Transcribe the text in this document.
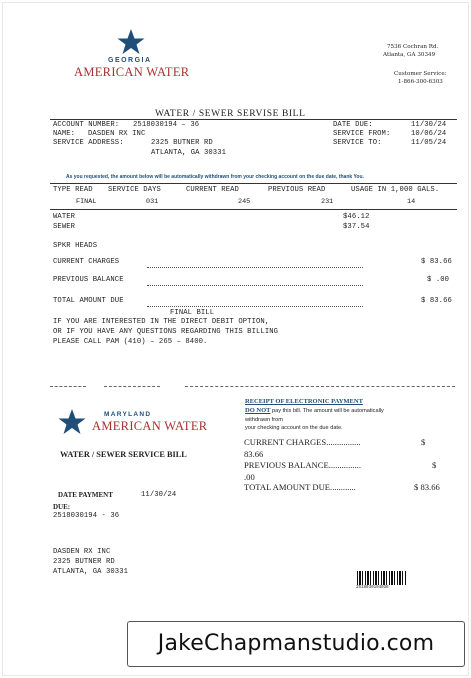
GEORGIA
AMERICAN WATER
7536 Cochran Rd.
Atlanta, GA 30349
Customer Service:
1-866-300-6303
WATER / SEWER SERVISE BILL
ACCOUNT NUMBER: 2518030194 – 36
NAME: DASDEN RX INC
SERVICE ADDRESS:	2325 BUTNER RD
ATLANTA, GA 30331
DATE DUE:	11/30/24
SERVICE FROM:	10/06/24
SERVICE TO:	11/05/24
As you requested, the amount below will be automatically withdrawn from your checking account on the due date, thank You.
TYPE READ SERVICE DAYS	CURRENT READ	PREVIOUS READ	USAGE IN 1,000 GALS.
FINAL	031	245	231	14
WATER	$46.12
SEWER	$37.54
SPKR HEADS
CURRENT CHARGES	$ 83.66
PREVIOUS BALANCE	$ .00
TOTAL AMOUNT DUE	$ 83.66
FINAL BILL
IF YOU ARE INTERESTED IN THE DIRECT DEBIT OPTION,
OR IF YOU HAVE ANY QUESTIONS REGARDING THIS BILLING
PLEASE CALL PAM (410) – 265 – 8400.
MARYLAND
AMERICAN WATER
WATER / SEWER SERVICE BILL
RECEIPT OF ELECTRONIC PAYMENT
DO NOT pay this bill. The amount will be automatically
withdrawn from
your checking account on the due date.
CURRENT CHARGES................	$
83.66
PREVIOUS BALANCE...............	$
.00
TOTAL AMOUNT DUE............	$ 83.66
DATE PAYMENT	11/30/24
DUE:
2518030194 - 36
DASDEN RX INC
2325 BUTNER RD
ATLANTA, GA 30331
2518030194036
JakeChapmanstudio.com
